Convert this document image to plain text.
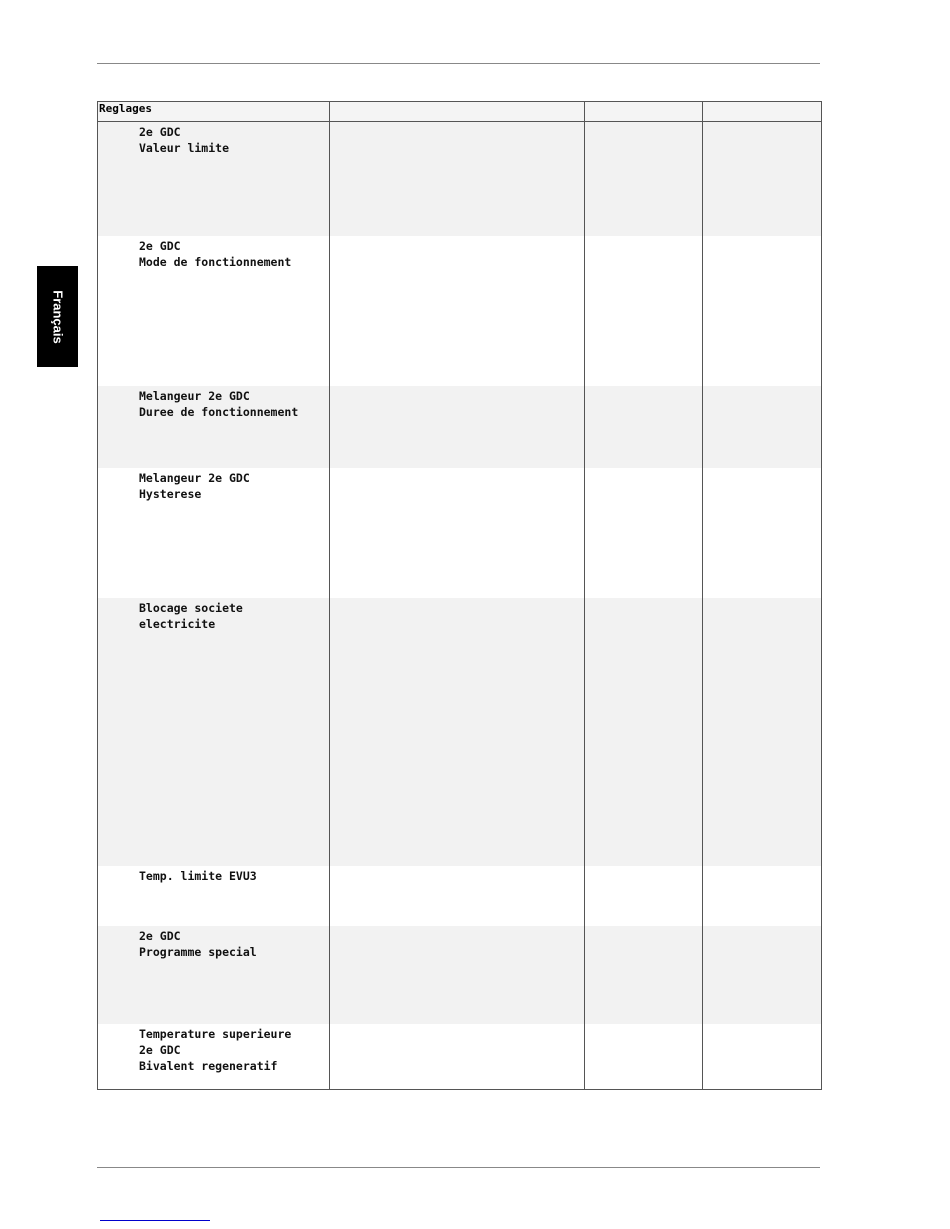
Français
Reglages			

2e GDC
Valeur limite			

2e GDC
Mode de fonctionnement			

Melangeur 2e GDC
Duree de fonctionnement			

Melangeur 2e GDC
Hysterese			

Blocage societe
electricite			

Temp. limite EVU3			

2e GDC
Programme special			

Temperature superieure
2e GDC
Bivalent regeneratif			
